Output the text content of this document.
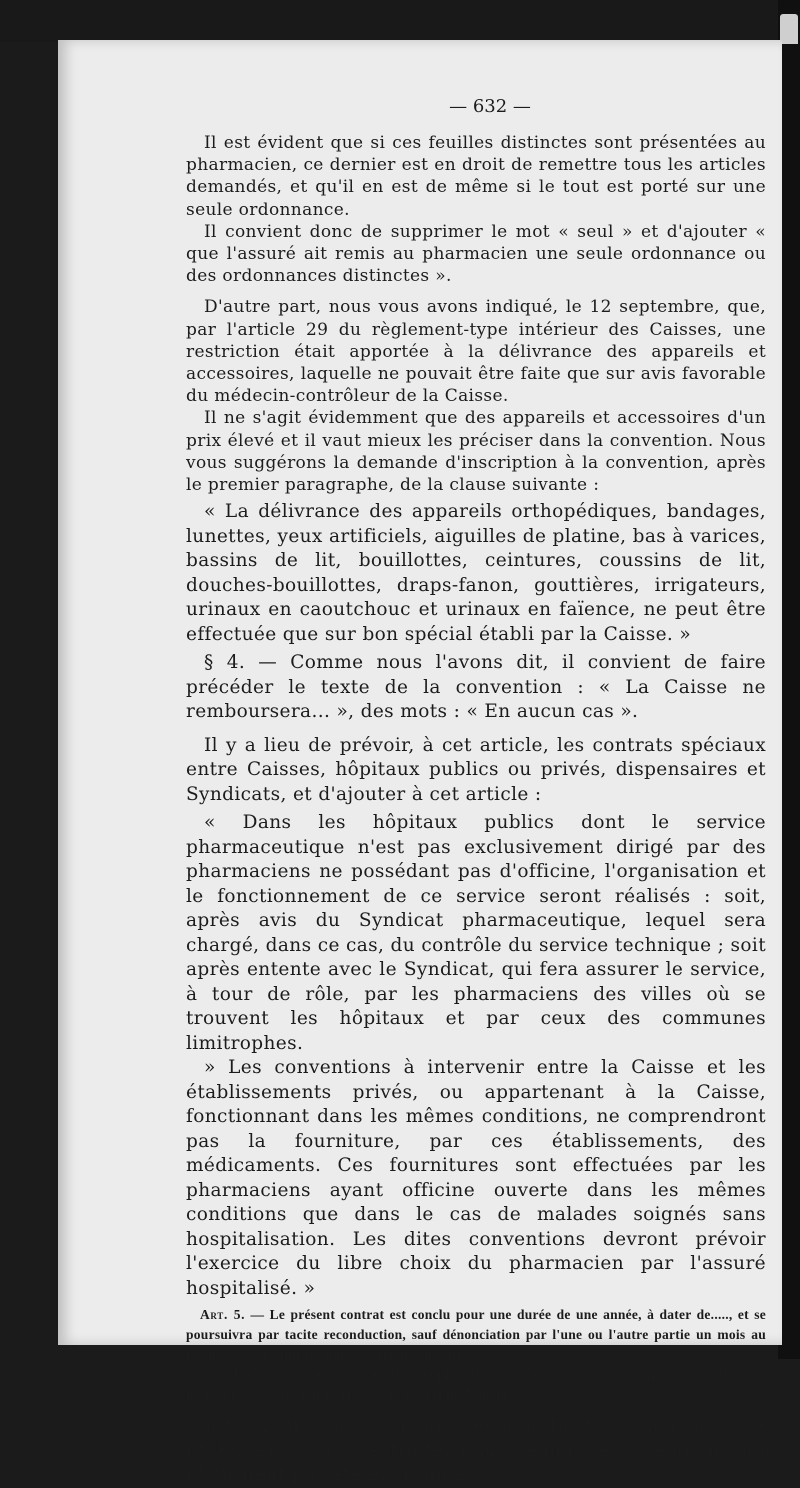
— 632 —

Il est évident que si ces feuilles distinctes sont présentées au pharmacien, ce dernier est en droit de remettre tous les articles demandés, et qu'il en est de même si le tout est porté sur une seule ordonnance.

Il convient donc de supprimer le mot « seul » et d'ajouter « que l'assuré ait remis au pharmacien une seule ordonnance ou des ordonnances distinctes ».

D'autre part, nous vous avons indiqué, le 12 septembre, que, par l'article 29 du règlement-type intérieur des Caisses, une restriction était apportée à la délivrance des appareils et accessoires, laquelle ne pouvait être faite que sur avis favorable du médecin-contrôleur de la Caisse.

Il ne s'agit évidemment que des appareils et accessoires d'un prix élevé et il vaut mieux les préciser dans la convention. Nous vous suggérons la demande d'inscription à la convention, après le premier paragraphe, de la clause suivante :

« La délivrance des appareils orthopédiques, bandages, lunettes, yeux artificiels, aiguilles de platine, bas à varices, bassins de lit, bouillottes, ceintures, coussins de lit, douches-bouillottes, draps-fanon, gouttières, irrigateurs, urinaux en caoutchouc et urinaux en faïence, ne peut être effectuée que sur bon spécial établi par la Caisse. »

§ 4. — Comme nous l'avons dit, il convient de faire précéder le texte de la convention : « La Caisse ne remboursera... », des mots : « En aucun cas ».

Il y a lieu de prévoir, à cet article, les contrats spéciaux entre Caisses, hôpitaux publics ou privés, dispensaires et Syndicats, et d'ajouter à cet article :

« Dans les hôpitaux publics dont le service pharmaceutique n'est pas exclusivement dirigé par des pharmaciens ne possédant pas d'officine, l'organisation et le fonctionnement de ce service seront réalisés : soit, après avis du Syndicat pharmaceutique, lequel sera chargé, dans ce cas, du contrôle du service technique ; soit après entente avec le Syndicat, qui fera assurer le service, à tour de rôle, par les pharmaciens des villes où se trouvent les hôpitaux et par ceux des communes limitrophes.

» Les conventions à intervenir entre la Caisse et les établissements privés, ou appartenant à la Caisse, fonctionnant dans les mêmes conditions, ne comprendront pas la fourniture, par ces établissements, des médicaments. Ces fournitures sont effectuées par les pharmaciens ayant officine ouverte dans les mêmes conditions que dans le cas de malades soignés sans hospitalisation. Les dites conventions devront prévoir l'exercice du libre choix du pharmacien par l'assuré hospitalisé. »

Art. 5. — Le présent contrat est conclu pour une durée de une année, à dater de....., et se poursuivra par tacite reconduction, sauf dénonciation par l'une ou l'autre partie un mois au moins avant l'expiration de la période en cours.

Toutefois la convention sera résiliée de plein droit en cas de manquement grave, constaté dans les formes prévues par l'article 7, paragraphe 5, de la loi.

Il y a lieu de prévoir que des modifications peuvent être utiles, en cours de traité, pour régler des questions qui n'auraient pas été envisagées
